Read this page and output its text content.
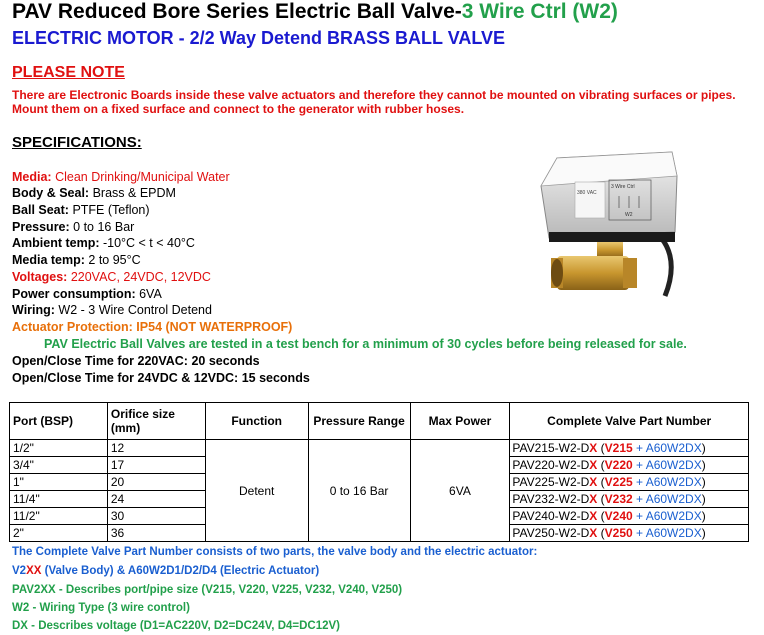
PAV Reduced Bore Series Electric Ball Valve-3 Wire Ctrl (W2)
ELECTRIC MOTOR - 2/2 Way Detend BRASS BALL VALVE
PLEASE NOTE
There are Electronic Boards inside these valve actuators and therefore they cannot be mounted on vibrating surfaces or pipes.
Mount them on a fixed surface and connect to the generator with rubber hoses.
SPECIFICATIONS:
Media: Clean Drinking/Municipal Water
Body & Seal: Brass & EPDM
Ball Seat: PTFE (Teflon)
Pressure: 0 to 16 Bar
Ambient temp: -10°C < t < 40°C
Media temp: 2 to 95°C
Voltages: 220VAC, 24VDC, 12VDC
Power consumption: 6VA
Wiring: W2 - 3 Wire Control Detend
Actuator Protection: IP54 (NOT WATERPROOF)
PAV Electric Ball Valves are tested in a test bench for a minimum of 30 cycles before being released for sale.
Open/Close Time for 220VAC: 20 seconds
Open/Close Time for 24VDC & 12VDC: 15 seconds
380 VAC
3 Wire Ctrl
W2
Port (BSP)	Orifice size (mm)	Function	Pressure Range	Max Power	Complete Valve Part Number
1/2"	12	Detent	0 to 16 Bar	6VA	PAV215-W2-DX (V215 + A60W2DX)
3/4"	17				PAV220-W2-DX (V220 + A60W2DX)
1"	20				PAV225-W2-DX (V225 + A60W2DX)
11/4"	24				PAV232-W2-DX (V232 + A60W2DX)
11/2"	30				PAV240-W2-DX (V240 + A60W2DX)
2"	36				PAV250-W2-DX (V250 + A60W2DX)
The Complete Valve Part Number consists of two parts, the valve body and the electric actuator:
V2XX (Valve Body) & A60W2D1/D2/D4 (Electric Actuator)
PAV2XX - Describes port/pipe size (V215, V220, V225, V232, V240, V250)
W2 - Wiring Type (3 wire control)
DX - Describes voltage (D1=AC220V, D2=DC24V, D4=DC12V)
